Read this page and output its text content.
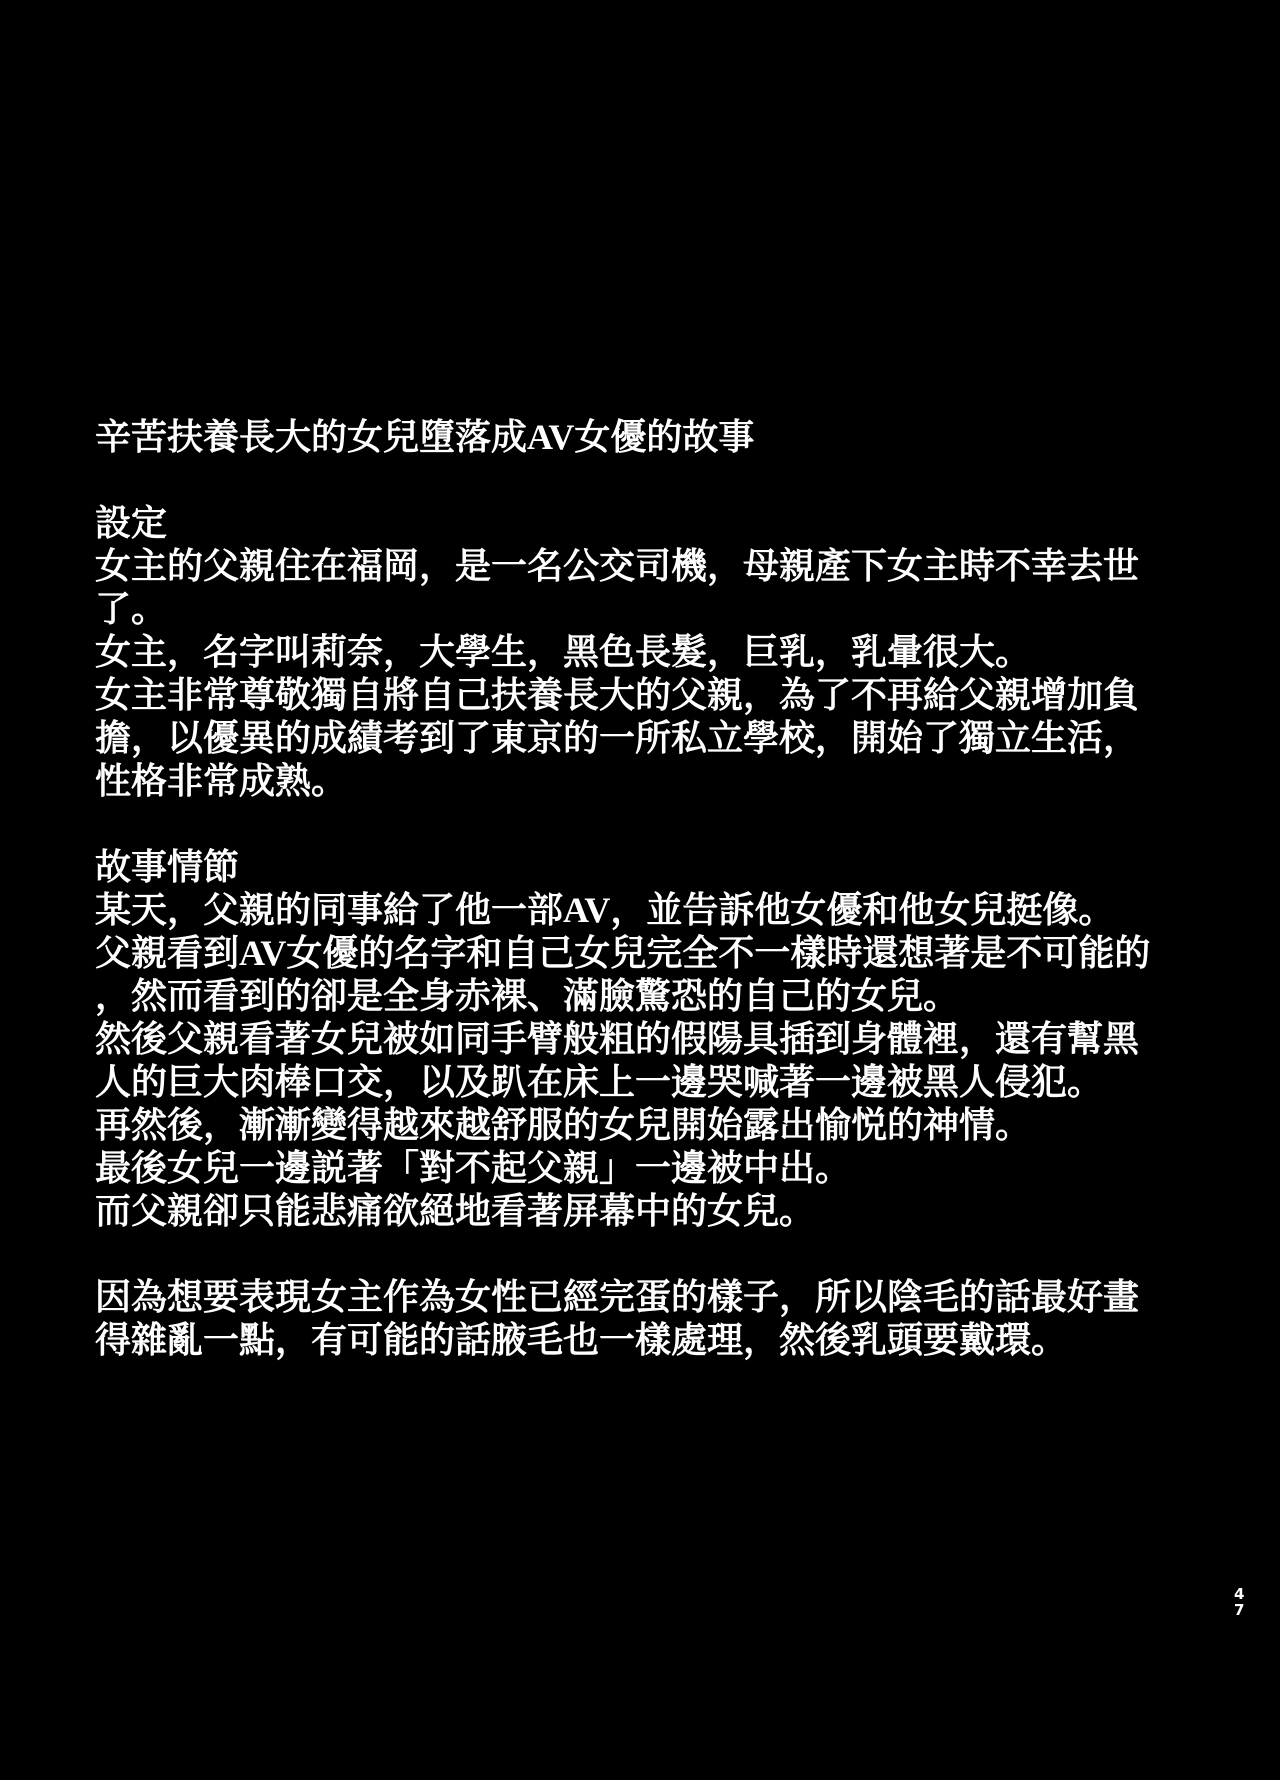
辛苦扶養長大的女兒墮落成AV女優的故事
設定
女主的父親住在福岡，是一名公交司機，母親產下女主時不幸去世
了。
女主，名字叫莉奈，大學生，黑色長髮，巨乳，乳暈很大。
女主非常尊敬獨自將自己扶養長大的父親，為了不再給父親增加負
擔，以優異的成績考到了東京的一所私立學校，開始了獨立生活，
性格非常成熟。
故事情節
某天，父親的同事給了他一部AV，並告訴他女優和他女兒挺像。
父親看到AV女優的名字和自己女兒完全不一樣時還想著是不可能的
，然而看到的卻是全身赤裸、滿臉驚恐的自己的女兒。
然後父親看著女兒被如同手臂般粗的假陽具插到身體裡，還有幫黑
人的巨大肉棒口交，以及趴在床上一邊哭喊著一邊被黑人侵犯。
再然後，漸漸變得越來越舒服的女兒開始露出愉悦的神情。
最後女兒一邊説著「對不起父親」一邊被中出。
而父親卻只能悲痛欲絕地看著屏幕中的女兒。
因為想要表現女主作為女性已經完蛋的樣子，所以陰毛的話最好畫
得雜亂一點，有可能的話腋毛也一樣處理，然後乳頭要戴環。
4
7
